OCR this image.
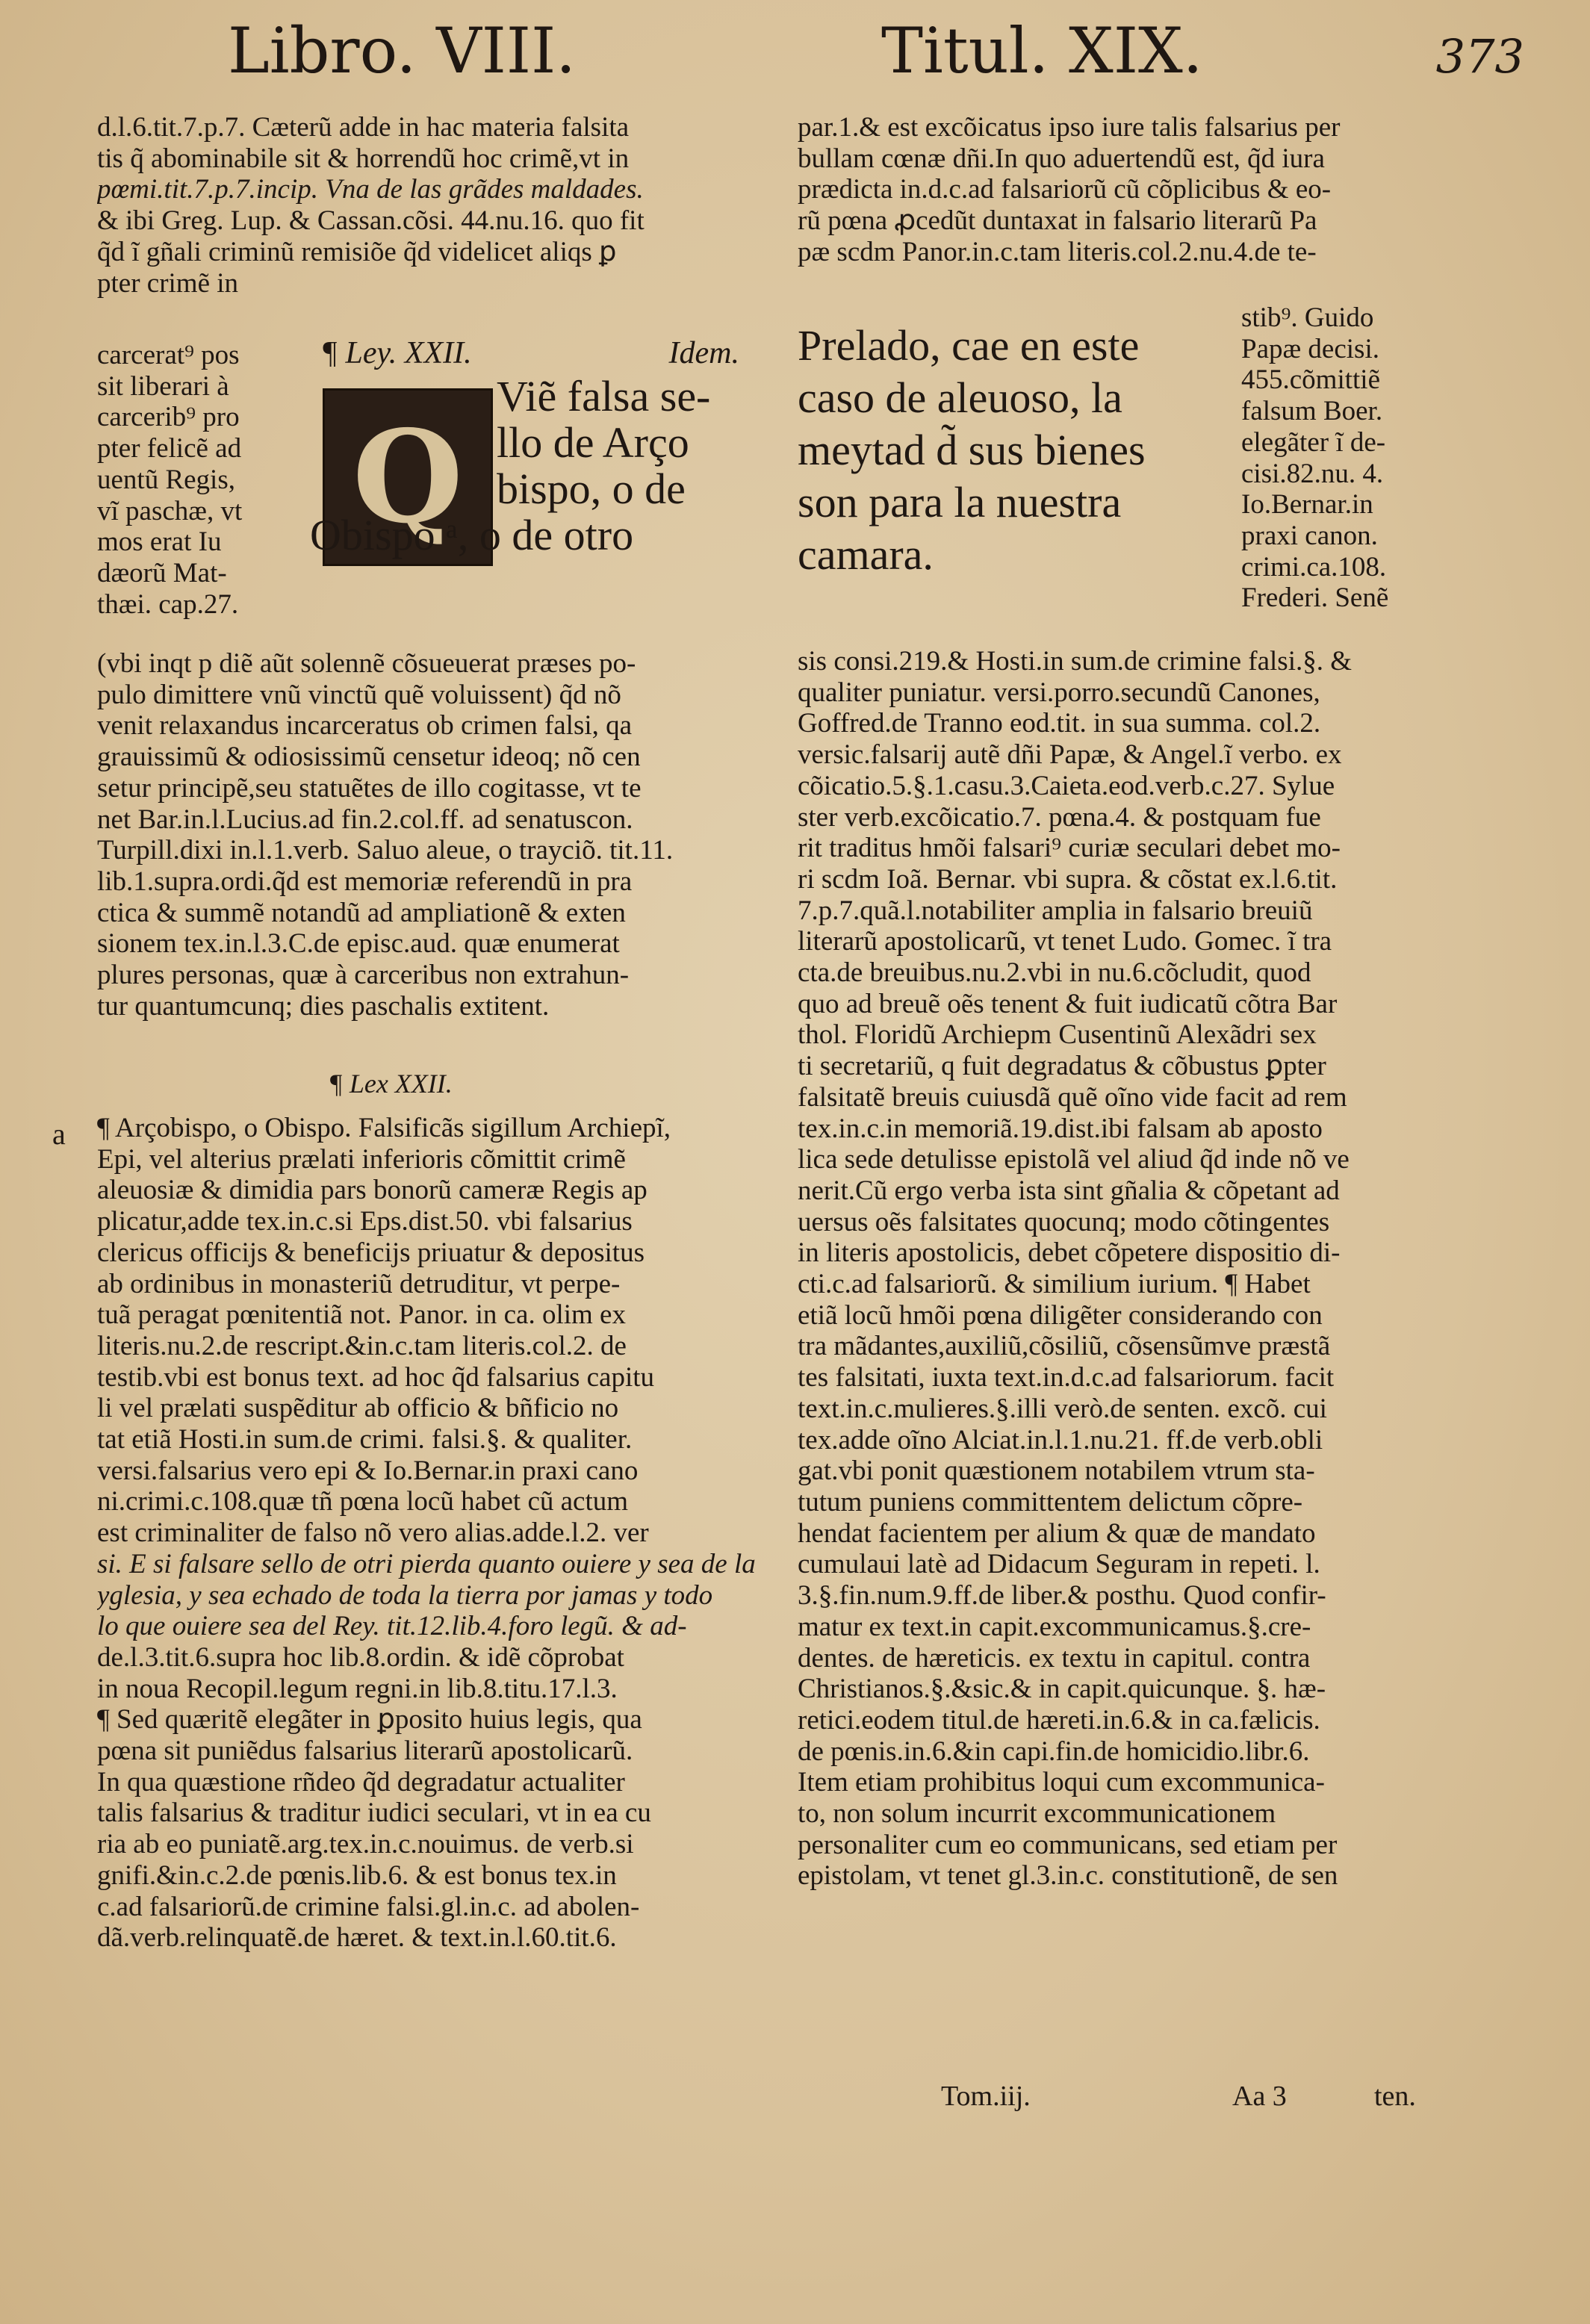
Libro. VIII.	Titul. XIX.	373

d.l.6.tit.7.p.7. Cæterũ adde in hac materia falsita

tis q̃ abominabile sit & horrendũ hoc crimẽ,vt in

pœmi.tit.7.p.7.incip. Vna de las grãdes maldades.

& ibi Greg. Lup. & Cassan.cõsi. 44.nu.16. quo fit

q̃d ĩ gñali criminũ remisiõe q̃d videlicet aliqs ꝑ

pter crimẽ in

carcerat⁹ pos

sit liberari à

carcerib⁹ pro

pter felicẽ ad

uentũ Regis,

vĩ paschæ, vt

mos erat Iu

dæorũ Mat-

thæi. cap.27.

¶ Ley. XXII.	Idem.
Q

Viẽ falsa se-

llo de Arço

bispo, o de

Obispo ᵃ, o de otro

(vbi inqt p diẽ aũt solennẽ cõsueuerat præses po-

pulo dimittere vnũ vinctũ quẽ voluissent) q̃d nõ

venit relaxandus incarceratus ob crimen falsi, qa

grauissimũ & odiosissimũ censetur ideoq; nõ cen

setur principẽ,seu statuẽtes de illo cogitasse, vt te

net Bar.in.l.Lucius.ad fin.2.col.ff. ad senatuscon.

Turpill.dixi in.l.1.verb. Saluo aleue, o trayciõ. tit.11.

lib.1.supra.ordi.q̃d est memoriæ referendũ in pra

ctica & summẽ notandũ ad ampliationẽ & exten

sionem tex.in.l.3.C.de episc.aud. quæ enumerat

plures personas, quæ à carceribus non extrahun-

tur quantumcunq; dies paschalis extitent.

¶ Lex XXII.
a ¶ Arçobispo, o Obispo. Falsificãs sigillum Archiepĩ,

Epi, vel alterius prælati inferioris cõmittit crimẽ

aleuosiæ & dimidia pars bonorũ cameræ Regis ap

plicatur,adde tex.in.c.si Eps.dist.50. vbi falsarius

clericus officijs & beneficijs priuatur & depositus

ab ordinibus in monasteriũ detruditur, vt perpe-

tuã peragat pœnitentiã not. Panor. in ca. olim ex

literis.nu.2.de rescript.&in.c.tam literis.col.2. de

testib.vbi est bonus text. ad hoc q̃d falsarius capitu

li vel prælati suspẽditur ab officio & bñficio no

tat etiã Hosti.in sum.de crimi. falsi.§. & qualiter.

versi.falsarius vero epi & Io.Bernar.in praxi cano

ni.crimi.c.108.quæ tñ pœna locũ habet cũ actum

est criminaliter de falso nõ vero alias.adde.l.2. ver

si. E si falsare sello de otri pierda quanto ouiere y sea de la

yglesia, y sea echado de toda la tierra por jamas y todo

lo que ouiere sea del Rey. tit.12.lib.4.foro legũ. & ad-

de.l.3.tit.6.supra hoc lib.8.ordin. & idẽ cõprobat

in noua Recopil.legum regni.in lib.8.titu.17.l.3.

¶ Sed quæritẽ elegãter in ꝑposito huius legis, qua

pœna sit puniẽdus falsarius literarũ apostolicarũ.

In qua quæstione rñdeo q̃d degradatur actualiter

talis falsarius & traditur iudici seculari, vt in ea cu

ria ab eo puniatẽ.arg.tex.in.c.nouimus. de verb.si

gnifi.&in.c.2.de pœnis.lib.6. & est bonus tex.in

c.ad falsariorũ.de crimine falsi.gl.in.c. ad abolen-

dã.verb.relinquatẽ.de hæret. & text.in.l.60.tit.6.

par.1.& est excõicatus ipso iure talis falsarius per

bullam cœnæ dñi.In quo aduertendũ est, q̃d iura

prædicta in.d.c.ad falsariorũ cũ cõplicibus & eo-

rũ pœna ꝓcedũt duntaxat in falsario literarũ Pa

pæ scdm Panor.in.c.tam literis.col.2.nu.4.de te-

Prelado, cae en este

caso de aleuoso, la

meytad d̃ sus bienes

son para la nuestra

camara.

stib⁹. Guido

Papæ decisi.

455.cõmittiẽ

falsum Boer.

elegãter ĩ de-

cisi.82.nu. 4.

Io.Bernar.in

praxi canon.

crimi.ca.108.

Frederi. Senẽ

sis consi.219.& Hosti.in sum.de crimine falsi.§. &

qualiter puniatur. versi.porro.secundũ Canones,

Goffred.de Tranno eod.tit. in sua summa. col.2.

versic.falsarij autẽ dñi Papæ, & Angel.ĩ verbo. ex

cõicatio.5.§.1.casu.3.Caieta.eod.verb.c.27. Sylue

ster verb.excõicatio.7. pœna.4. & postquam fue

rit traditus hmõi falsari⁹ curiæ seculari debet mo-

ri scdm Ioã. Bernar. vbi supra. & cõstat ex.l.6.tit.

7.p.7.quã.l.notabiliter amplia in falsario breuiũ

literarũ apostolicarũ, vt tenet Ludo. Gomec. ĩ tra

cta.de breuibus.nu.2.vbi in nu.6.cõcludit, quod

quo ad breuẽ oẽs tenent & fuit iudicatũ cõtra Bar

thol. Floridũ Archiepm Cusentinũ Alexãdri sex

ti secretariũ, q fuit degradatus & cõbustus ꝑpter

falsitatẽ breuis cuiusdã quẽ oĩno vide facit ad rem

tex.in.c.in memoriã.19.dist.ibi falsam ab aposto

lica sede detulisse epistolã vel aliud q̃d inde nõ ve

nerit.Cũ ergo verba ista sint gñalia & cõpetant ad

uersus oẽs falsitates quocunq; modo cõtingentes

in literis apostolicis, debet cõpetere dispositio di-

cti.c.ad falsariorũ. & similium iurium. ¶ Habet

etiã locũ hmõi pœna diligẽter considerando con

tra mãdantes,auxiliũ,cõsiliũ, cõsensũmve præstã

tes falsitati, iuxta text.in.d.c.ad falsariorum. facit

text.in.c.mulieres.§.illi verò.de senten. excõ. cui

tex.adde oĩno Alciat.in.l.1.nu.21. ff.de verb.obli

gat.vbi ponit quæstionem notabilem vtrum sta-

tutum puniens committentem delictum cõpre-

hendat facientem per alium & quæ de mandato

cumulaui latè ad Didacum Seguram in repeti. l.

3.§.fin.num.9.ff.de liber.& posthu. Quod confir-

matur ex text.in capit.excommunicamus.§.cre-

dentes. de hæreticis. ex textu in capitul. contra

Christianos.§.&sic.& in capit.quicunque. §. hæ-

retici.eodem titul.de hæreti.in.6.& in ca.fælicis.

de pœnis.in.6.&in capi.fin.de homicidio.libr.6.

Item etiam prohibitus loqui cum excommunica-

to, non solum incurrit excommunicationem

personaliter cum eo communicans, sed etiam per

epistolam, vt tenet gl.3.in.c. constitutionẽ, de sen

Tom.iij.	Aa 3	ten.
